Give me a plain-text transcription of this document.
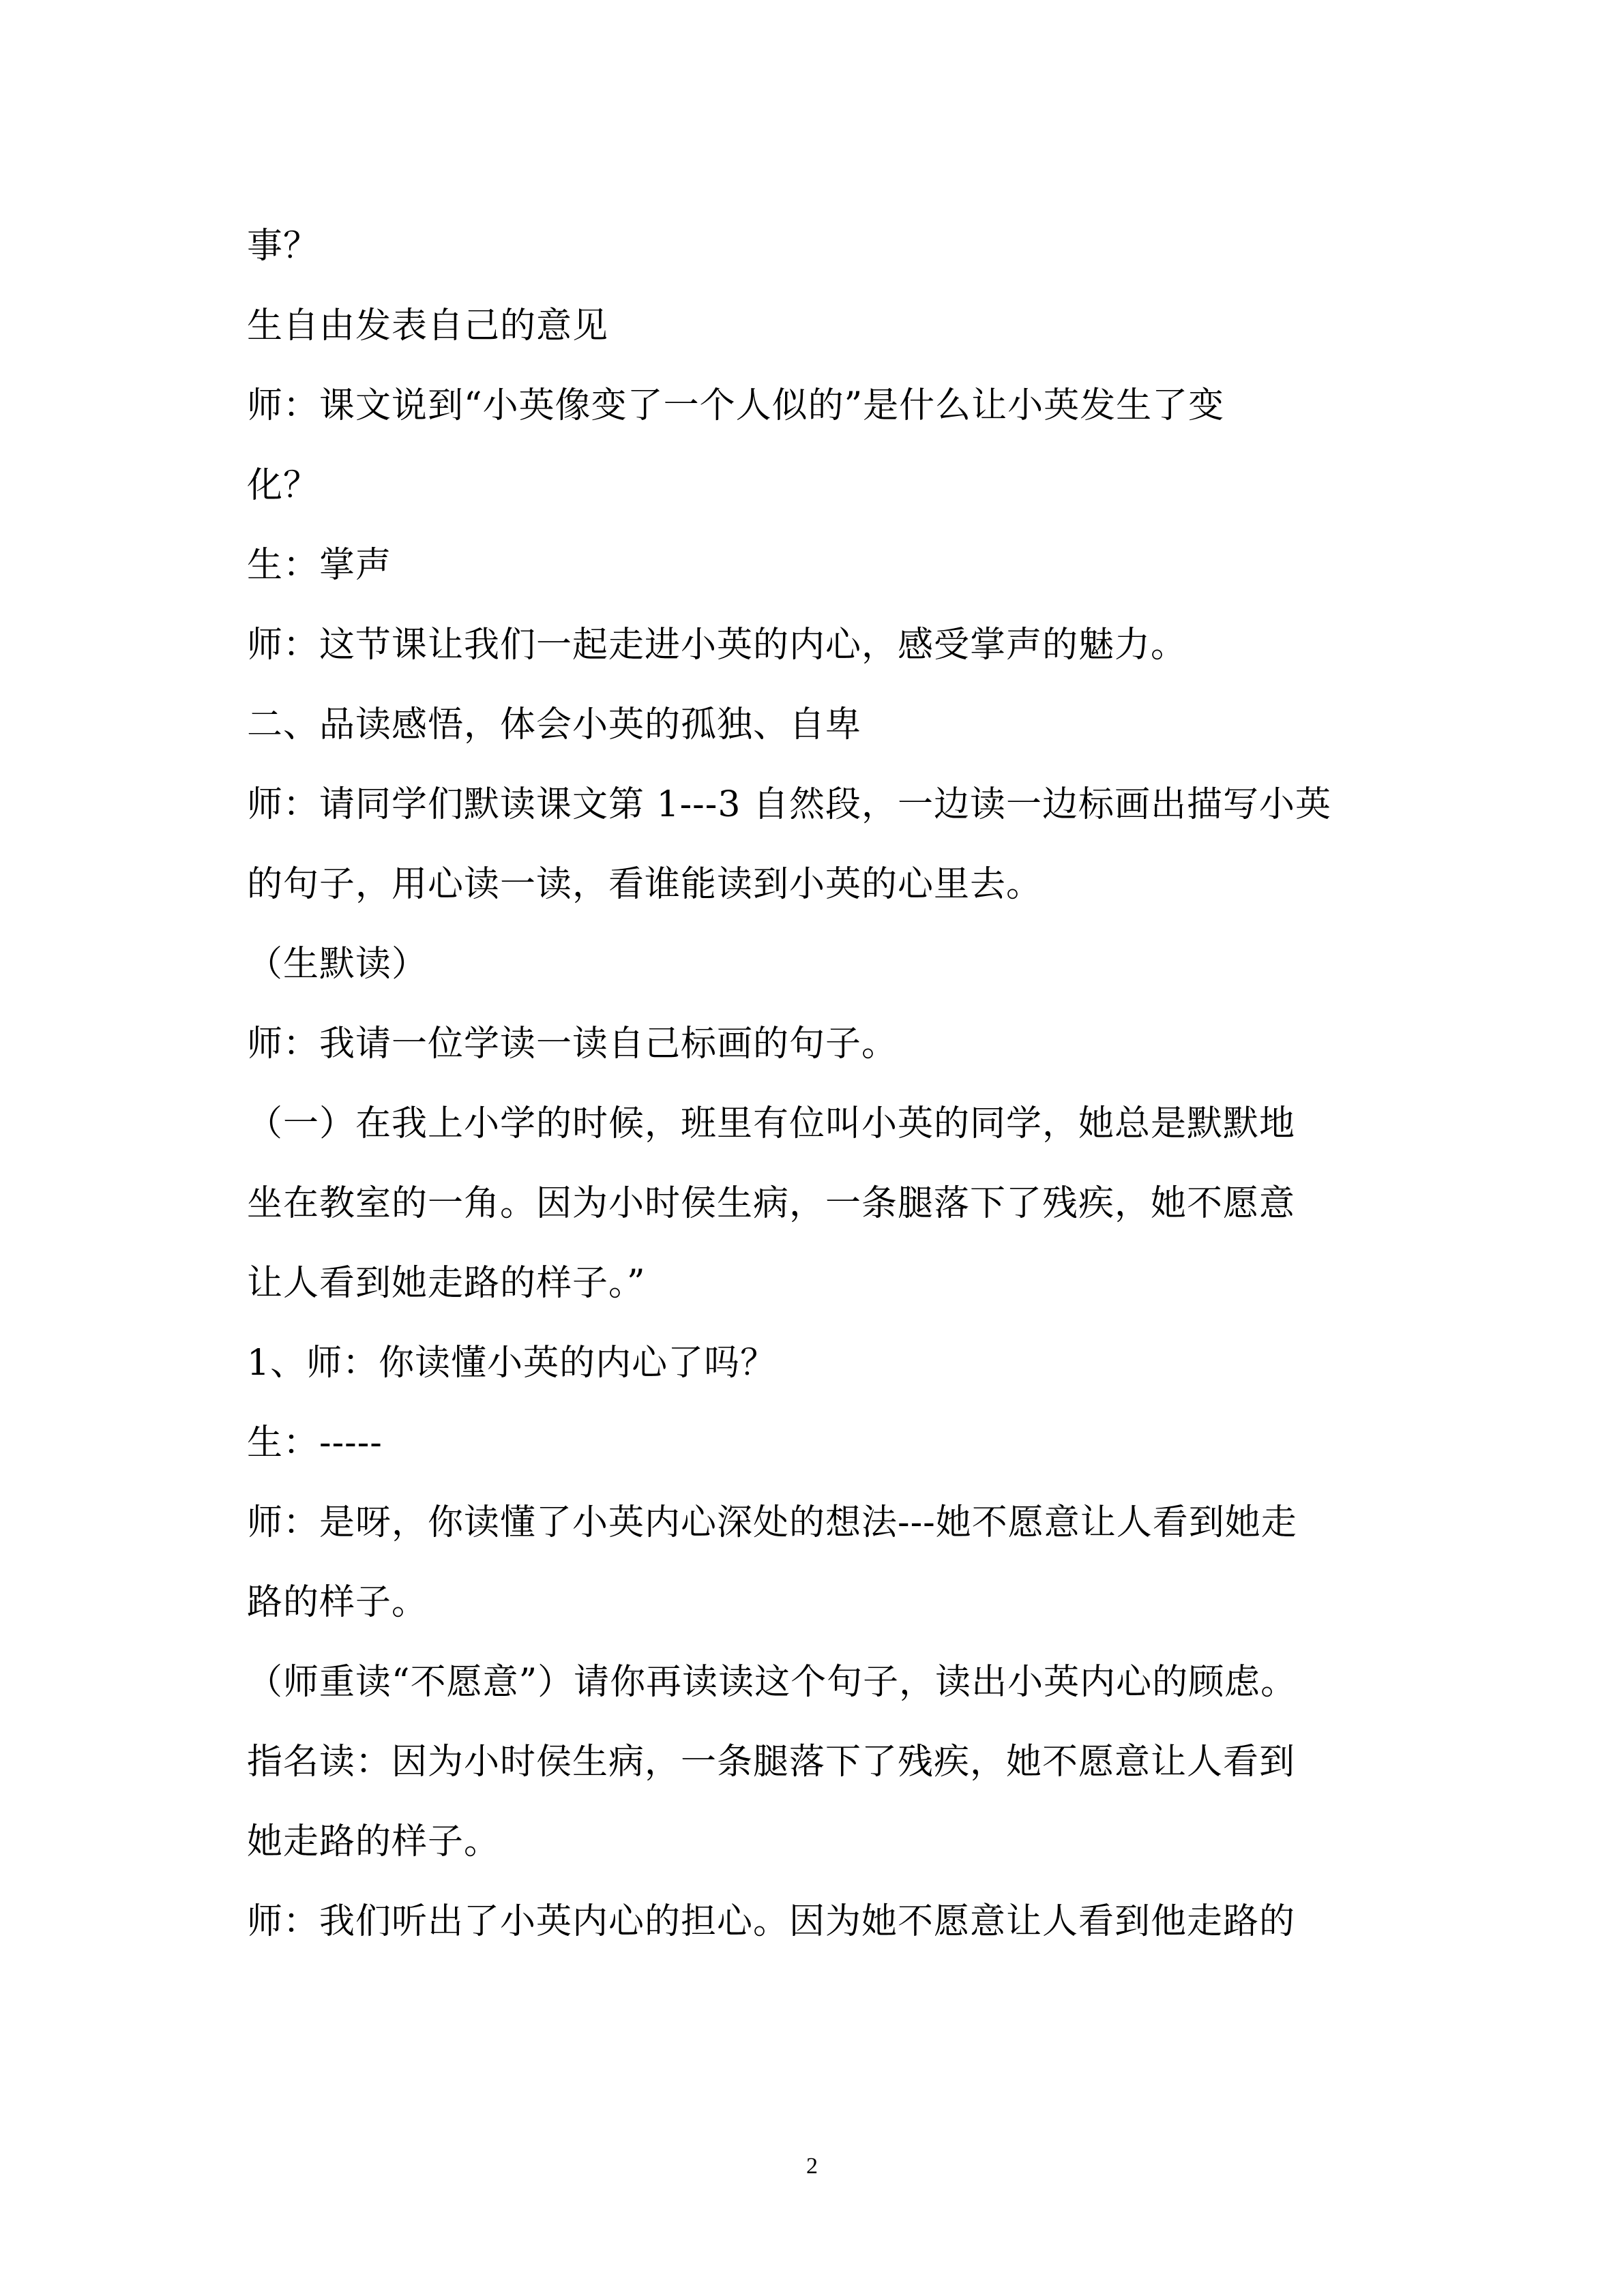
事？
生自由发表自己的意见
师：课文说到“小英像变了一个人似的”是什么让小英发生了变
化？
生：掌声
师：这节课让我们一起走进小英的内心，感受掌声的魅力。
二、品读感悟，体会小英的孤独、自卑
师：请同学们默读课文第 1---3 自然段，一边读一边标画出描写小英
的句子，用心读一读，看谁能读到小英的心里去。
（生默读）
师：我请一位学读一读自己标画的句子。
（一）在我上小学的时候，班里有位叫小英的同学，她总是默默地
坐在教室的一角。因为小时侯生病，一条腿落下了残疾，她不愿意
让人看到她走路的样子。”
1、师：你读懂小英的内心了吗？
生：-----
师：是呀，你读懂了小英内心深处的想法---她不愿意让人看到她走
路的样子。
（师重读“不愿意”）请你再读读这个句子，读出小英内心的顾虑。
指名读：因为小时侯生病，一条腿落下了残疾，她不愿意让人看到
她走路的样子。
师：我们听出了小英内心的担心。因为她不愿意让人看到他走路的
2
